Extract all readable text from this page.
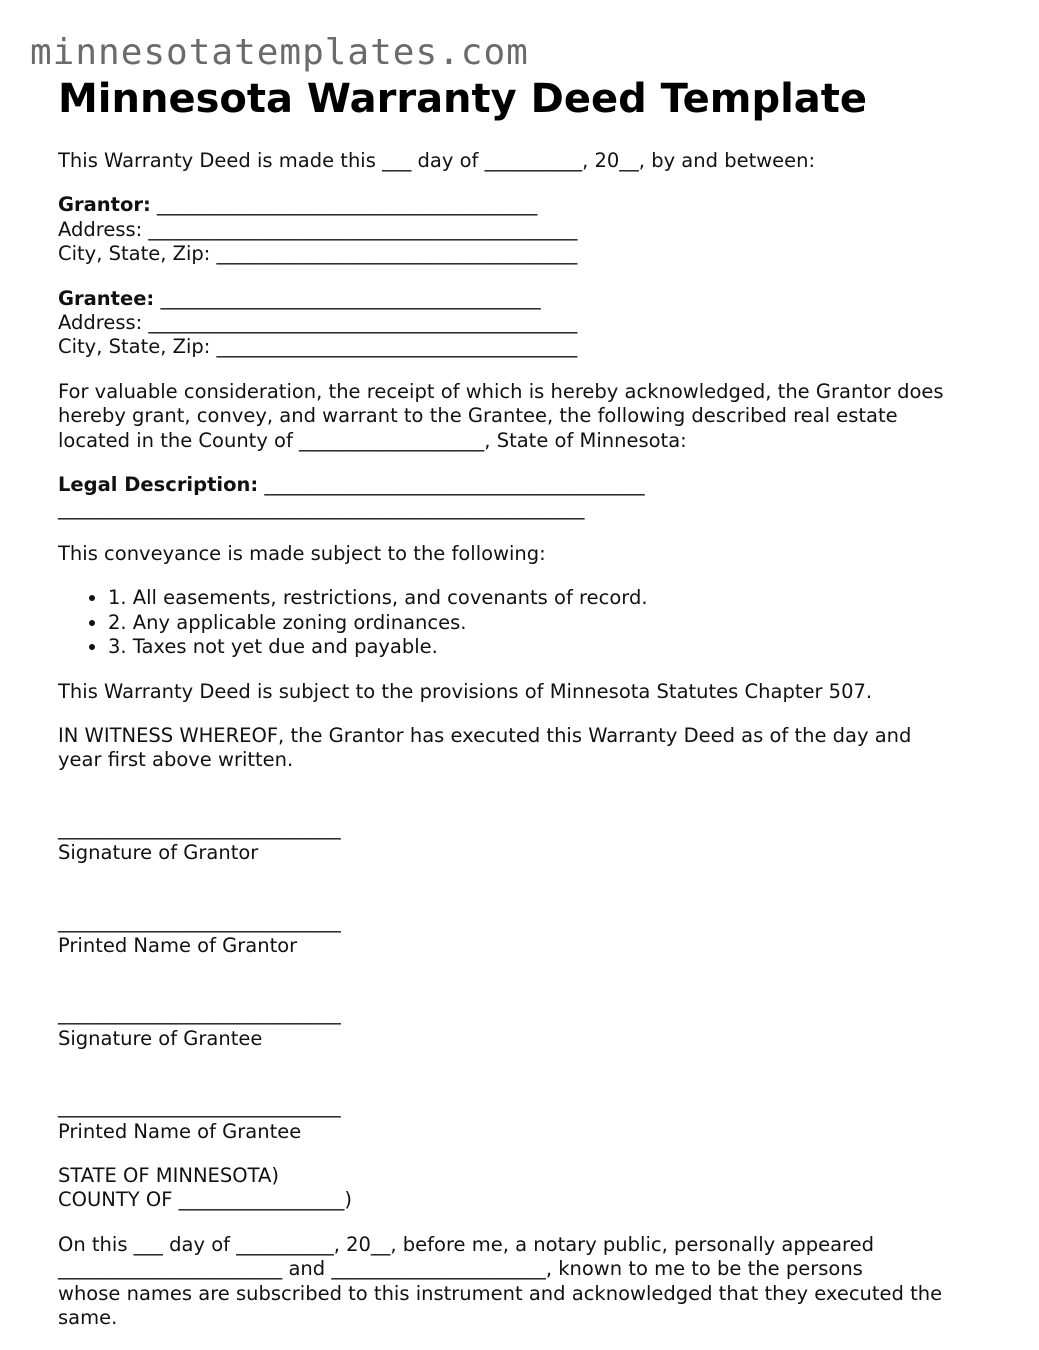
minnesotatemplates.com
Minnesota Warranty Deed Template

This Warranty Deed is made this ___ day of __________, 20__, by and between:

Grantor: _______________________________________
Address: ____________________________________________
City, State, Zip: _____________________________________
Grantee: _______________________________________
Address: ____________________________________________
City, State, Zip: _____________________________________

For valuable consideration, the receipt of which is hereby acknowledged, the Grantor does
hereby grant, convey, and warrant to the Grantee, the following described real estate
located in the County of ___________________, State of Minnesota:

Legal Description: _______________________________________
______________________________________________________

This conveyance is made subject to the following:

• 1. All easements, restrictions, and covenants of record.
• 2. Any applicable zoning ordinances.
• 3. Taxes not yet due and payable.

This Warranty Deed is subject to the provisions of Minnesota Statutes Chapter 507.

IN WITNESS WHEREOF, the Grantor has executed this Warranty Deed as of the day and
year first above written.

_____________________________
Signature of Grantor
_____________________________
Printed Name of Grantor
_____________________________
Signature of Grantee
_____________________________
Printed Name of Grantee
STATE OF MINNESOTA)
COUNTY OF _________________)

On this ___ day of __________, 20__, before me, a notary public, personally appeared
_______________________ and ______________________, known to me to be the persons
whose names are subscribed to this instrument and acknowledged that they executed the
same.
